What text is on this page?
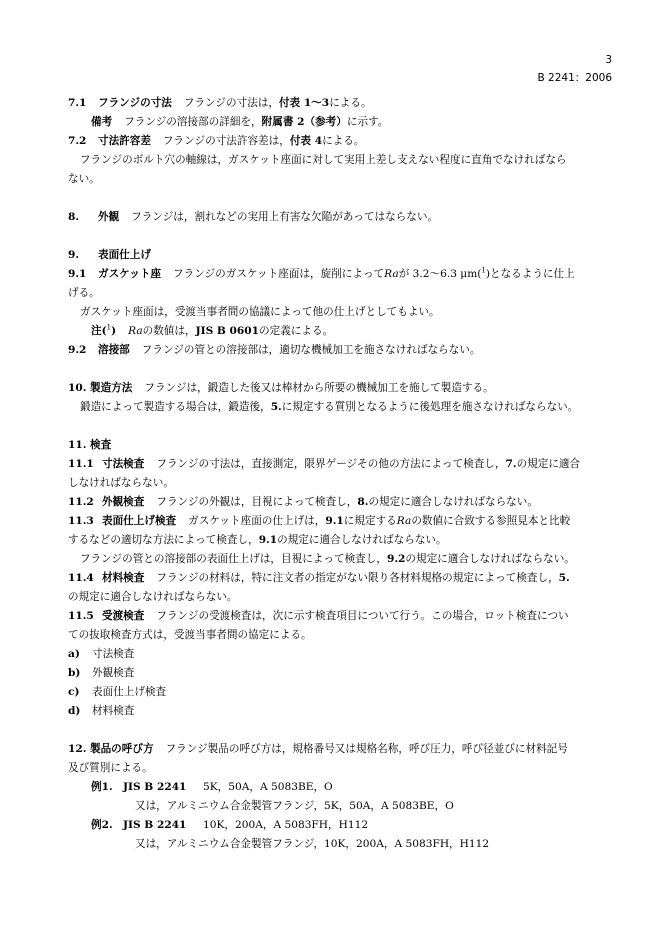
3
B 2241：2006
7.1 フランジの寸法 フランジの寸法は，付表 1～3による。
備考 フランジの溶接部の詳細を，附属書 2（参考）に示す。
7.2 寸法許容差 フランジの寸法許容差は，付表 4による。
フランジのボルト穴の軸線は，ガスケット座面に対して実用上差し支えない程度に直角でなければなら
ない。
8. 外観 フランジは，割れなどの実用上有害な欠陥があってはならない。
9. 表面仕上げ
9.1 ガスケット座 フランジのガスケット座面は，旋削によってRaが 3.2～6.3 μm($^1$)となるように仕上
げる。
ガスケット座面は，受渡当事者間の協議によって他の仕上げとしてもよい。
注($^1$) Raの数値は，JIS B 0601の定義による。
9.2 溶接部 フランジの管との溶接部は，適切な機械加工を施さなければならない。
10. 製造方法 フランジは，鍛造した後又は棒材から所要の機械加工を施して製造する。
鍛造によって製造する場合は，鍛造後，5.に規定する質別となるように後処理を施さなければならない。
11. 検査
11.1 寸法検査 フランジの寸法は，直接測定，限界ゲージその他の方法によって検査し，7.の規定に適合
しなければならない。
11.2 外観検査 フランジの外観は，目視によって検査し，8.の規定に適合しなければならない。
11.3 表面仕上げ検査 ガスケット座面の仕上げは，9.1に規定するRaの数値に合致する参照見本と比較
するなどの適切な方法によって検査し，9.1の規定に適合しなければならない。
フランジの管との溶接部の表面仕上げは，目視によって検査し，9.2の規定に適合しなければならない。
11.4 材料検査 フランジの材料は，特に注文者の指定がない限り各材料規格の規定によって検査し，5.
の規定に適合しなければならない。
11.5 受渡検査 フランジの受渡検査は，次に示す検査項目について行う。この場合，ロット検査につい
ての抜取検査方式は，受渡当事者間の協定による。
a) 寸法検査
b) 外観検査
c) 表面仕上げ検査
d) 材料検査
12. 製品の呼び方 フランジ製品の呼び方は，規格番号又は規格名称，呼び圧力，呼び径並びに材料記号
及び質別による。
例1. JIS B 2241 5K，50A，A 5083BE，O
又は，アルミニウム合金製管フランジ，5K，50A，A 5083BE，O
例2. JIS B 2241 10K，200A，A 5083FH，H112
又は，アルミニウム合金製管フランジ，10K，200A，A 5083FH，H112
